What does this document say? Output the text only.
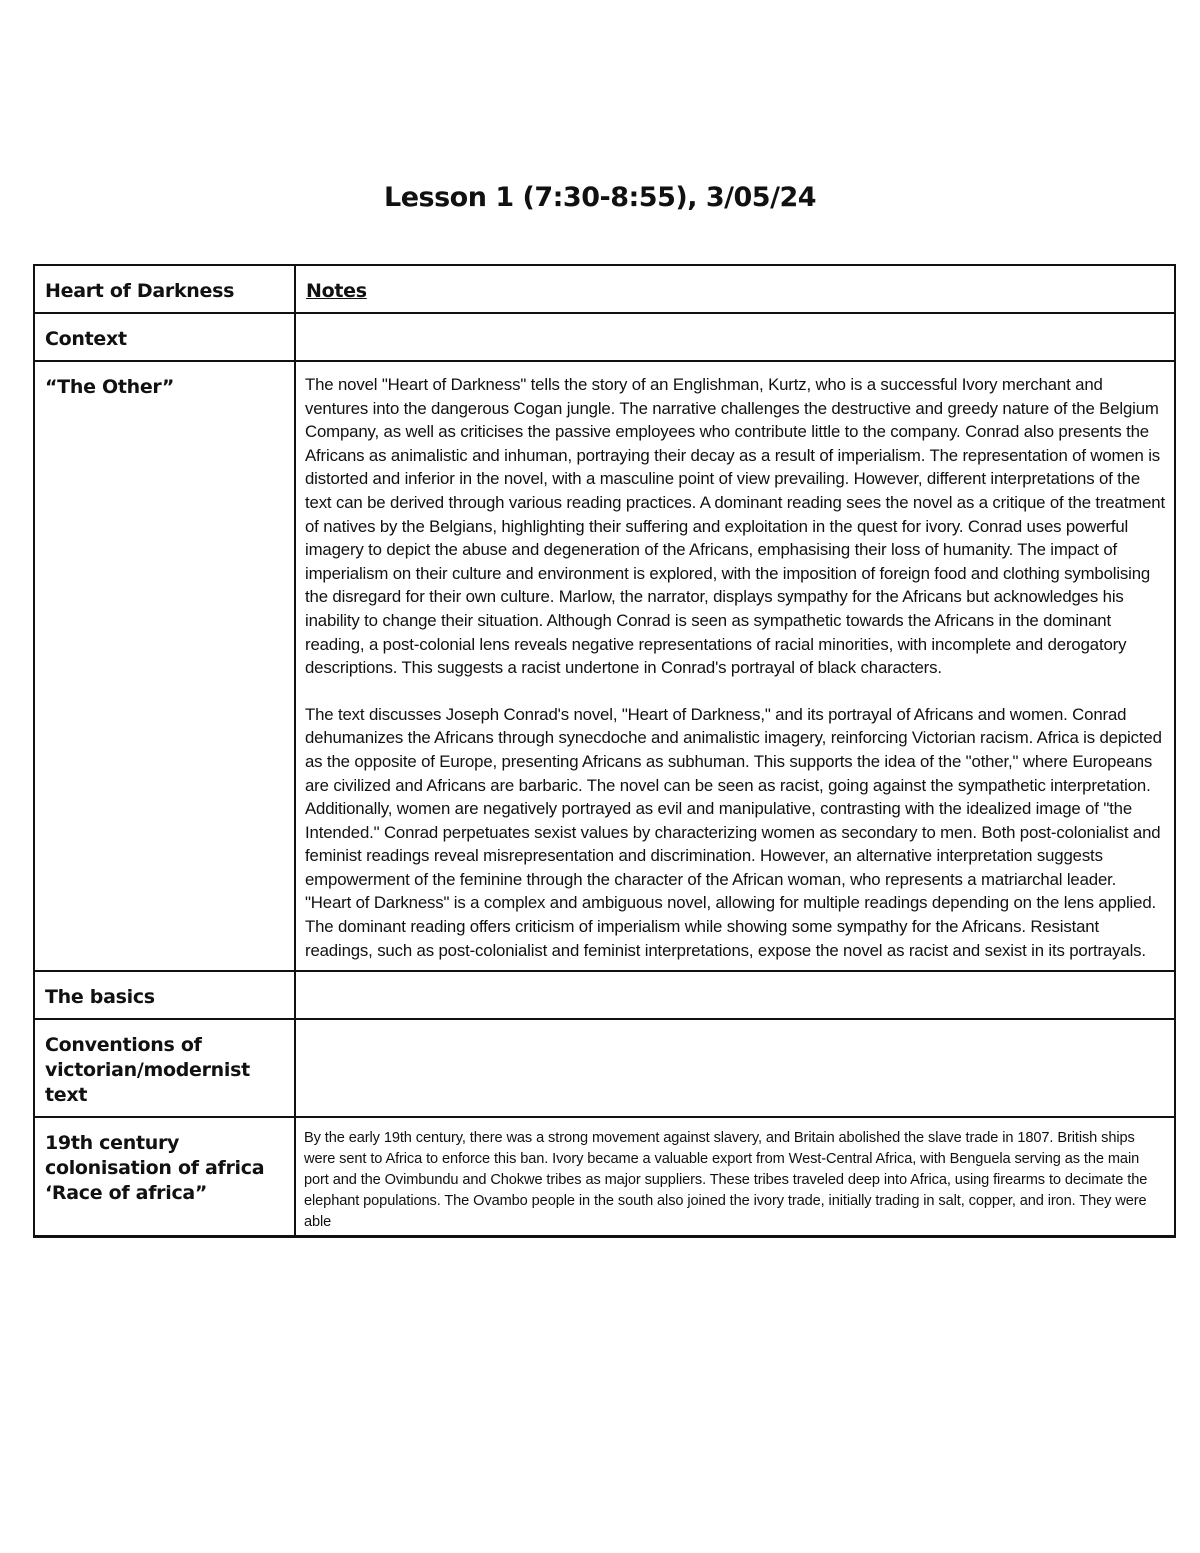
Lesson 1 (7:30-8:55), 3/05/24
Heart of Darkness	Notes

Context	

“The Other”	The novel "Heart of Darkness" tells the story of an Englishman, Kurtz, who is a successful Ivory merchant and ventures into the dangerous Cogan jungle. The narrative challenges the destructive and greedy nature of the Belgium Company, as well as criticises the passive employees who contribute little to the company. Conrad also presents the Africans as animalistic and inhuman, portraying their decay as a result of imperialism. The representation of women is distorted and inferior in the novel, with a masculine point of view prevailing. However, different interpretations of the text can be derived through various reading practices. A dominant reading sees the novel as a critique of the treatment of natives by the Belgians, highlighting their suffering and exploitation in the quest for ivory. Conrad uses powerful imagery to depict the abuse and degeneration of the Africans, emphasising their loss of humanity. The impact of imperialism on their culture and environment is explored, with the imposition of foreign food and clothing symbolising the disregard for their own culture. Marlow, the narrator, displays sympathy for the Africans but acknowledges his inability to change their situation. Although Conrad is seen as sympathetic towards the Africans in the dominant reading, a post-colonial lens reveals negative representations of racial minorities, with incomplete and derogatory descriptions. This suggests a racist undertone in Conrad's portrayal of black characters.

The text discusses Joseph Conrad's novel, "Heart of Darkness," and its portrayal of Africans and women. Conrad dehumanizes the Africans through synecdoche and animalistic imagery, reinforcing Victorian racism. Africa is depicted as the opposite of Europe, presenting Africans as subhuman. This supports the idea of the "other," where Europeans are civilized and Africans are barbaric. The novel can be seen as racist, going against the sympathetic interpretation. Additionally, women are negatively portrayed as evil and manipulative, contrasting with the idealized image of "the Intended." Conrad perpetuates sexist values by characterizing women as secondary to men. Both post-colonialist and feminist readings reveal misrepresentation and discrimination. However, an alternative interpretation suggests empowerment of the feminine through the character of the African woman, who represents a matriarchal leader. "Heart of Darkness" is a complex and ambiguous novel, allowing for multiple readings depending on the lens applied. The dominant reading offers criticism of imperialism while showing some sympathy for the Africans. Resistant readings, such as post-colonialist and feminist interpretations, expose the novel as racist and sexist in its portrayals.

The basics	

Conventions of victorian/modernist text	

19th century colonisation of africa ‘Race of africa”	By the early 19th century, there was a strong movement against slavery, and Britain abolished the slave trade in 1807. British ships were sent to Africa to enforce this ban. Ivory became a valuable export from West-Central Africa, with Benguela serving as the main port and the Ovimbundu and Chokwe tribes as major suppliers. These tribes traveled deep into Africa, using firearms to decimate the elephant populations. The Ovambo people in the south also joined the ivory trade, initially trading in salt, copper, and iron. They were able
